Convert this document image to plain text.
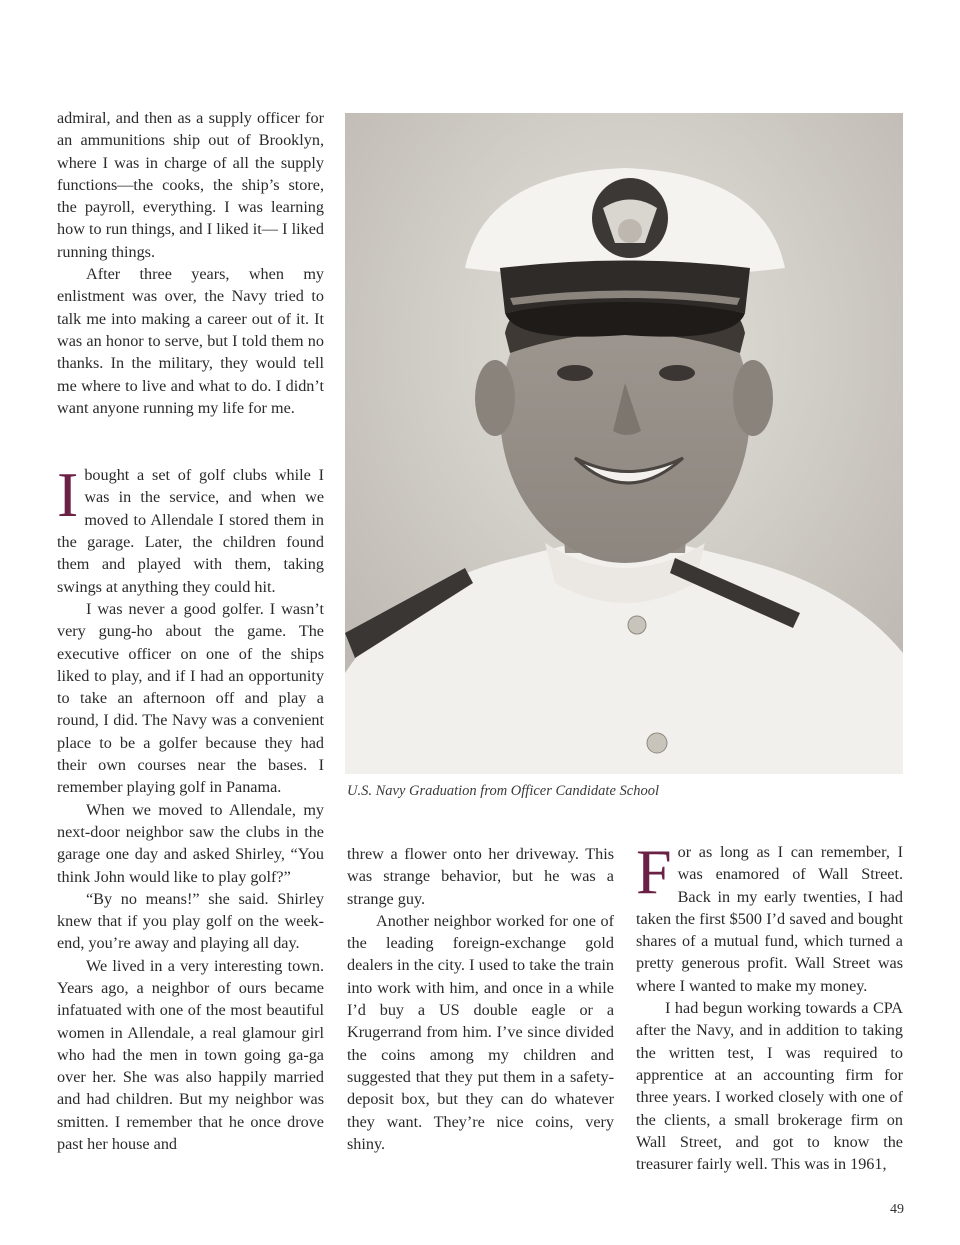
admiral, and then as a supply officer for an ammunitions ship out of Brooklyn, where I was in charge of all the supply functions—the cooks, the ship’s store, the payroll, everything. I was learning how to run things, and I liked it— I liked running things.

After three years, when my enlistment was over, the Navy tried to talk me into making a career out of it. It was an honor to serve, but I told them no thanks. In the military, they would tell me where to live and what to do. I didn’t want anyone running my life for me.

Ibought a set of golf clubs while I was in the service, and when we moved to Allendale I stored them in the garage. Later, the children found them and played with them, taking swings at anything they could hit.

I was never a good golfer. I wasn’t very gung-ho about the game. The executive officer on one of the ships liked to play, and if I had an opportunity to take an afternoon off and play a round, I did. The Navy was a convenient place to be a golfer because they had their own courses near the bases. I remember playing golf in Panama.

When we moved to Allendale, my next-door neighbor saw the clubs in the garage one day and asked Shirley, “You think John would like to play golf?”

“By no means!” she said. Shirley knew that if you play golf on the week-end, you’re away and playing all day.

We lived in a very interesting town. Years ago, a neighbor of ours became infatuated with one of the most beautiful women in Allendale, a real glamour girl who had the men in town going ga-ga over her. She was also happily married and had children. But my neighbor was smitten. I remember that he once drove past her house and

U.S. Navy Graduation from Officer Candidate School

threw a flower onto her driveway. This was strange behavior, but he was a strange guy.

Another neighbor worked for one of the leading foreign-exchange gold dealers in the city. I used to take the train into work with him, and once in a while I’d buy a US double eagle or a Krugerrand from him. I’ve since divided the coins among my children and suggested that they put them in a safety-deposit box, but they can do whatever they want. They’re nice coins, very shiny.

For as long as I can remember, I was enamored of Wall Street. Back in my early twenties, I had taken the first $500 I’d saved and bought shares of a mutual fund, which turned a pretty generous profit. Wall Street was where I wanted to make my money.

I had begun working towards a CPA after the Navy, and in addition to taking the written test, I was required to apprentice at an accounting firm for three years. I worked closely with one of the clients, a small brokerage firm on Wall Street, and got to know the treasurer fairly well. This was in 1961,

49
